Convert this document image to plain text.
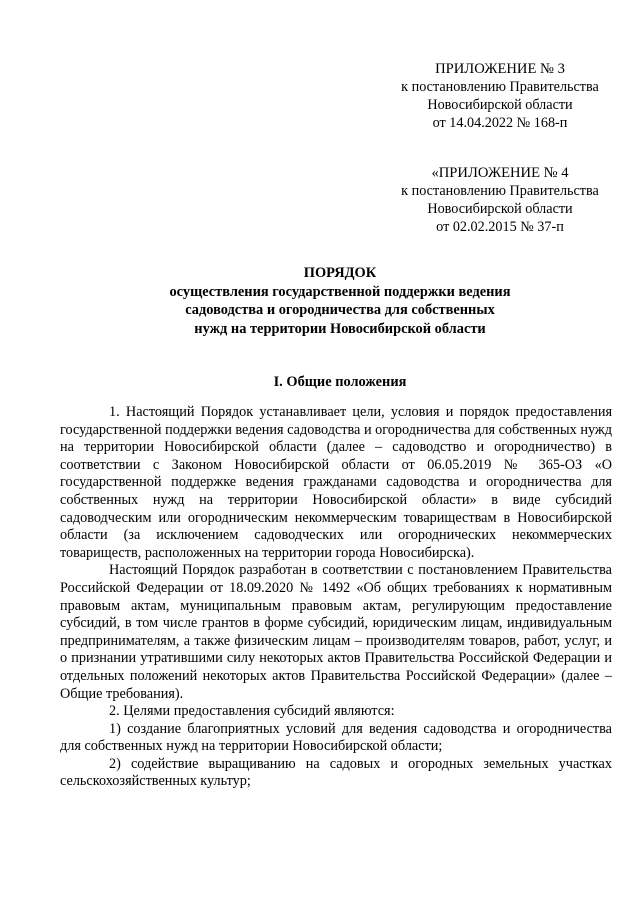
ПРИЛОЖЕНИЕ № 3
к постановлению Правительства
Новосибирской области
от 14.04.2022 № 168-п
«ПРИЛОЖЕНИЕ № 4
к постановлению Правительства
Новосибирской области
от 02.02.2015 № 37-п
ПОРЯДОК
осуществления государственной поддержки ведения
садоводства и огородничества для собственных
нужд на территории Новосибирской области
I. Общие положения

1. Настоящий Порядок устанавливает цели, условия и порядок предоставления государственной поддержки ведения садоводства и огородничества для собственных нужд на территории Новосибирской области (далее – садоводство и огородничество) в соответствии с Законом Новосибирской области от 06.05.2019 № 365-ОЗ «О государственной поддержке ведения гражданами садоводства и огородничества для собственных нужд на территории Новосибирской области» в виде субсидий садоводческим или огородническим некоммерческим товариществам в Новосибирской области (за исключением садоводческих или огороднических некоммерческих товариществ, расположенных на территории города Новосибирска).

Настоящий Порядок разработан в соответствии с постановлением Правительства Российской Федерации от 18.09.2020 № 1492 «Об общих требованиях к нормативным правовым актам, муниципальным правовым актам, регулирующим предоставление субсидий, в том числе грантов в форме субсидий, юридическим лицам, индивидуальным предпринимателям, а также физическим лицам – производителям товаров, работ, услуг, и о признании утратившими силу некоторых актов Правительства Российской Федерации и отдельных положений некоторых актов Правительства Российской Федерации» (далее – Общие требования).

2. Целями предоставления субсидий являются:

1) создание благоприятных условий для ведения садоводства и огородничества для собственных нужд на территории Новосибирской области;

2) содействие выращиванию на садовых и огородных земельных участках сельскохозяйственных культур;
